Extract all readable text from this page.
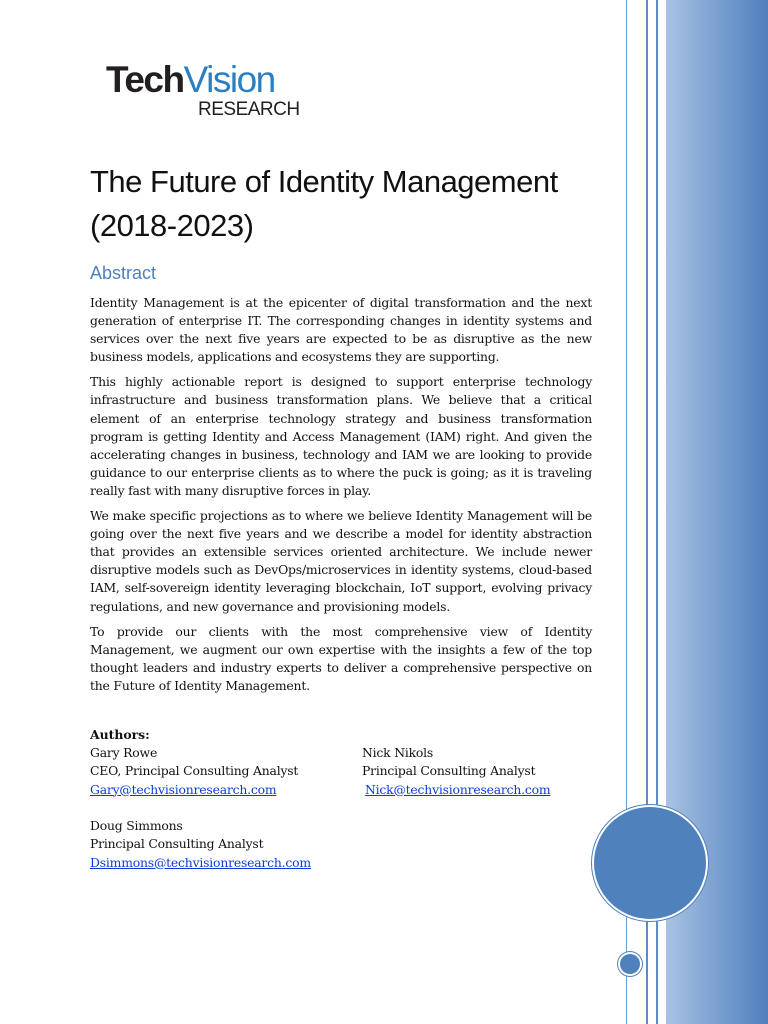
TechVision
RESEARCH
The Future of Identity Management
(2018-2023)
Abstract

Identity Management is at the epicenter of digital transformation and the next generation of enterprise IT. The corresponding changes in identity systems and services over the next five years are expected to be as disruptive as the new business models, applications and ecosystems they are supporting.

This highly actionable report is designed to support enterprise technology infrastructure and business transformation plans. We believe that a critical element of an enterprise technology strategy and business transformation program is getting Identity and Access Management (IAM) right. And given the accelerating changes in business, technology and IAM we are looking to provide guidance to our enterprise clients as to where the puck is going; as it is traveling really fast with many disruptive forces in play.

We make specific projections as to where we believe Identity Management will be going over the next five years and we describe a model for identity abstraction that provides an extensible services oriented architecture. We include newer disruptive models such as DevOps/microservices in identity systems, cloud-based IAM, self-sovereign identity leveraging blockchain, IoT support, evolving privacy regulations, and new governance and provisioning models.

To provide our clients with the most comprehensive view of Identity Management, we augment our own expertise with the insights a few of the top thought leaders and industry experts to deliver a comprehensive perspective on the Future of Identity Management.

Authors:
Gary Rowe
CEO, Principal Consulting Analyst
Gary@techvisionresearch.com
Nick Nikols
Principal Consulting Analyst
Nick@techvisionresearch.com
Doug Simmons
Principal Consulting Analyst
Dsimmons@techvisionresearch.com
